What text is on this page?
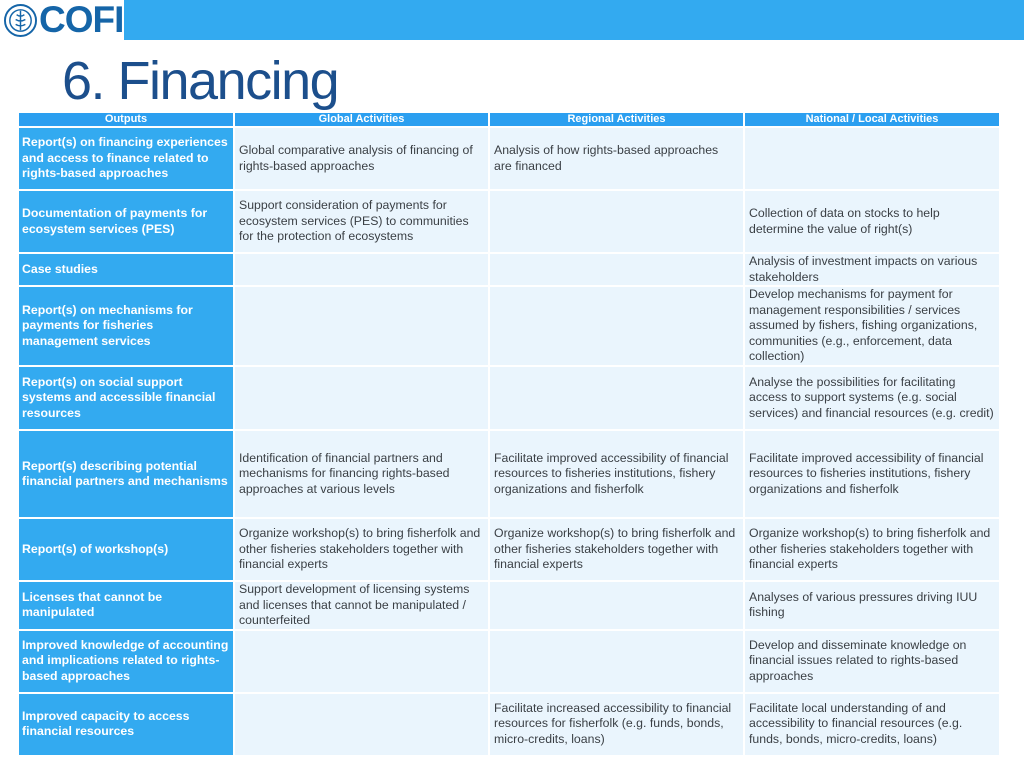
COFI
6. Financing
Outputs	Global Activities	Regional Activities	National / Local Activities
Report(s) on financing experiences and access to finance related to rights-based approaches	Global comparative analysis of financing of rights-based approaches	Analysis of how rights-based approaches are financed	
Documentation of payments for ecosystem services (PES)	Support consideration of payments for ecosystem services (PES) to communities for the protection of ecosystems		Collection of data on stocks to help determine the value of right(s)
Case studies			Analysis of investment impacts on various stakeholders
Report(s) on mechanisms for payments for fisheries management services			Develop mechanisms for payment for management responsibilities / services assumed by fishers, fishing organizations, communities (e.g., enforcement, data collection)
Report(s) on social support systems and accessible financial resources			Analyse the possibilities for facilitating access to support systems (e.g. social services) and financial resources (e.g. credit)
Report(s) describing potential financial partners and mechanisms	Identification of financial partners and mechanisms for financing rights-based approaches at various levels	Facilitate improved accessibility of financial resources to fisheries institutions, fishery organizations and fisherfolk	Facilitate improved accessibility of financial resources to fisheries institutions, fishery organizations and fisherfolk
Report(s) of workshop(s)	Organize workshop(s) to bring fisherfolk and other fisheries stakeholders together with financial experts	Organize workshop(s) to bring fisherfolk and other fisheries stakeholders together with financial experts	Organize workshop(s) to bring fisherfolk and other fisheries stakeholders together with financial experts
Licenses that cannot be manipulated	Support development of licensing systems and licenses that cannot be manipulated / counterfeited		Analyses of various pressures driving IUU fishing
Improved knowledge of accounting and implications related to rights-based approaches			Develop and disseminate knowledge on financial issues related to rights-based approaches
Improved capacity to access financial resources		Facilitate increased accessibility to financial resources for fisherfolk (e.g. funds, bonds, micro-credits, loans)	Facilitate local understanding of and accessibility to financial resources (e.g. funds, bonds, micro-credits, loans)
